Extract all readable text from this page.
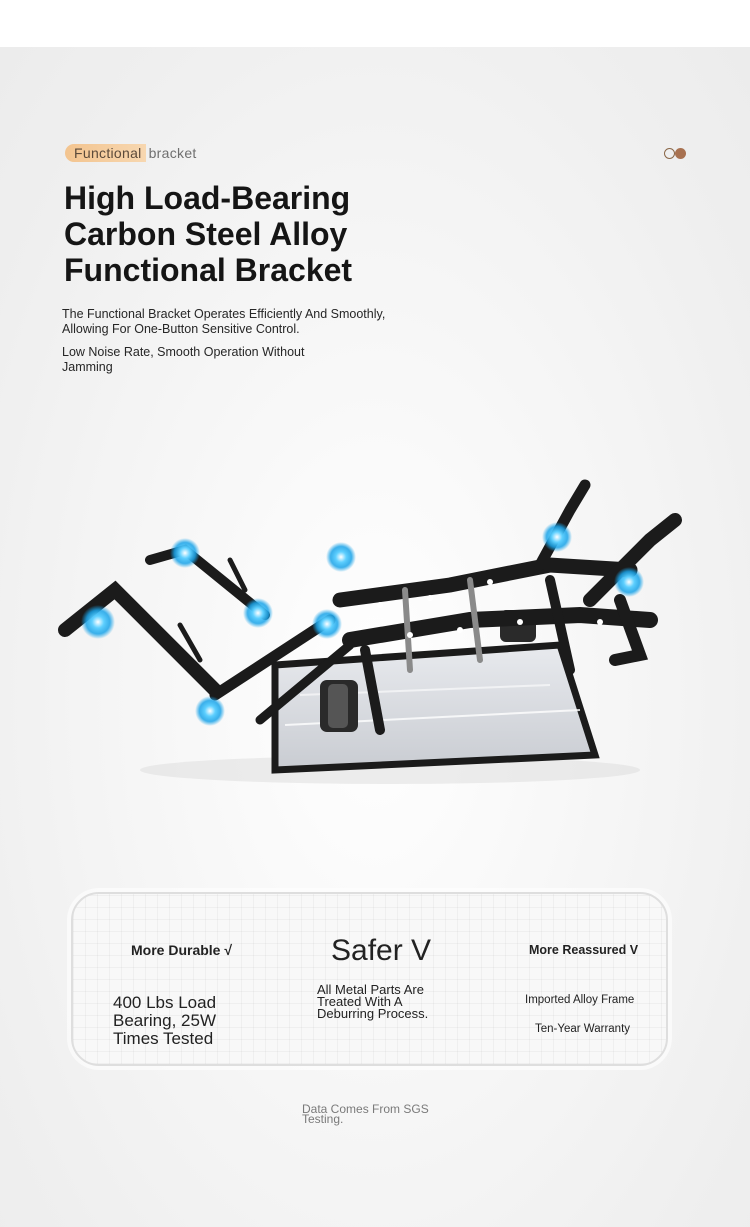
Functional bracket
High Load-Bearing
Carbon Steel Alloy
Functional Bracket

The Functional Bracket Operates Efficiently And Smoothly, Allowing For One-Button Sensitive Control.

Low Noise Rate, Smooth Operation Without Jamming

More Durable √	Safer V	More Reassured V

400 Lbs Load Bearing, 25W Times Tested

All Metal Parts Are Treated With A Deburring Process.

Imported Alloy Frame

Ten-Year Warranty

Data Comes From SGS Testing.
